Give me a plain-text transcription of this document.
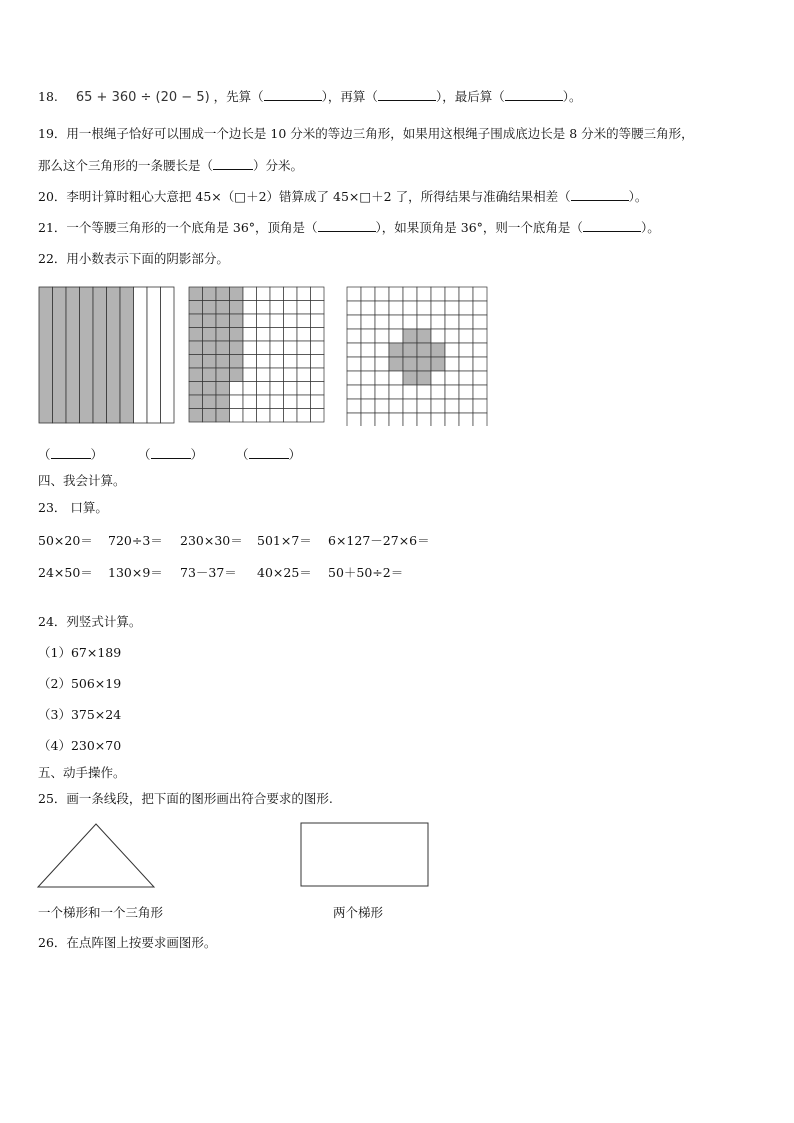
18. 65 + 360 ÷ (20 − 5) ，先算（	），再算（	），最后算（	）。
19．用一根绳子恰好可以围成一个边长是 10 分米的等边三角形，如果用这根绳子围成底边长是 8 分米的等腰三角形，
那么这个三角形的一条腰长是（	）分米。
20．李明计算时粗心大意把 45×（□＋2）错算成了 45×□＋2 了，所得结果与准确结果相差（	）。
21．一个等腰三角形的一个底角是 36°，顶角是（	），如果顶角是 36°，则一个底角是（	）。
22．用小数表示下面的阴影部分。
（	）	（	）	（	）
四、我会计算。
23． 口算。
50×20＝ 720÷3＝ 230×30＝ 501×7＝ 6×127－27×6＝
24×50＝ 130×9＝ 73－37＝ 40×25＝ 50＋50÷2＝
24．列竖式计算。
（1）67×189
（2）506×19
（3）375×24
（4）230×70
五、动手操作。
25．画一条线段，把下面的图形画出符合要求的图形.
一个梯形和一个三角形	两个梯形
26．在点阵图上按要求画图形。
